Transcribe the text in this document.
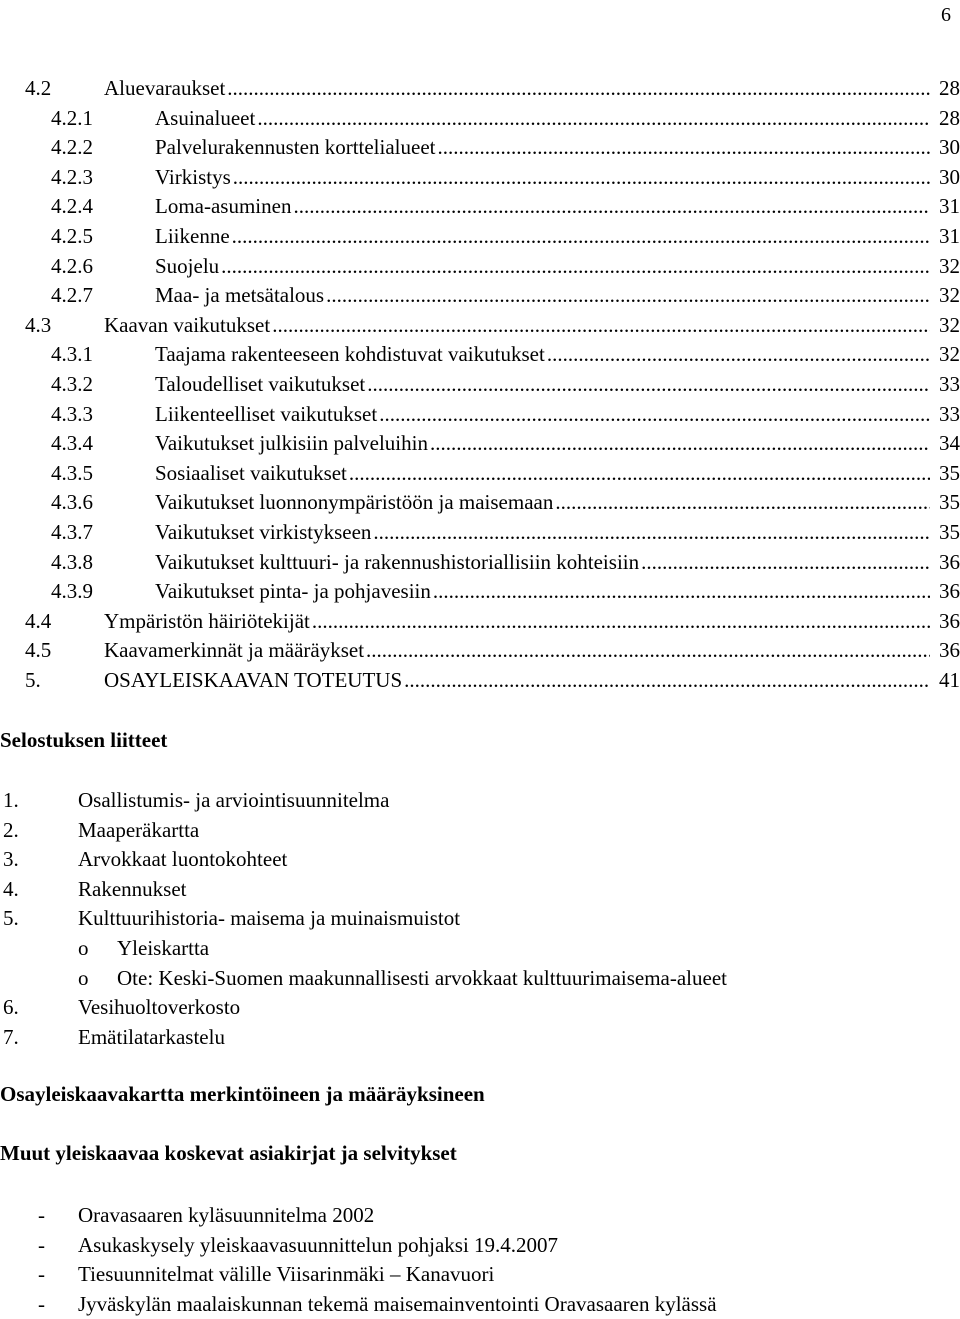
6
4.2	Aluevaraukset .....	28
4.2.1	Asuinalueet .....	28
4.2.2	Palvelurakennusten korttelialueet .....	30
4.2.3	Virkistys .....	30
4.2.4	Loma-asuminen .....	31
4.2.5	Liikenne .....	31
4.2.6	Suojelu .....	32
4.2.7	Maa- ja metsätalous .....	32
4.3	Kaavan vaikutukset .....	32
4.3.1	Taajama rakenteeseen kohdistuvat vaikutukset .....	32
4.3.2	Taloudelliset vaikutukset .....	33
4.3.3	Liikenteelliset vaikutukset .....	33
4.3.4	Vaikutukset julkisiin palveluihin .....	34
4.3.5	Sosiaaliset vaikutukset .....	35
4.3.6	Vaikutukset luonnonympäristöön ja maisemaan .....	35
4.3.7	Vaikutukset virkistykseen .....	35
4.3.8	Vaikutukset kulttuuri- ja rakennushistoriallisiin kohteisiin .....	36
4.3.9	Vaikutukset pinta- ja pohjavesiin .....	36
4.4	Ympäristön häiriötekijät .....	36
4.5	Kaavamerkinnät ja määräykset .....	36
5.	OSAYLEISKAAVAN TOTEUTUS .....	41
Selostuksen liitteet
1.	Osallistumis- ja arviointisuunnitelma
2.	Maaperäkartta
3.	Arvokkaat luontokohteet
4.	Rakennukset
5.	Kulttuurihistoria- maisema ja muinaismuistot
o Yleiskartta
o Ote: Keski-Suomen maakunnallisesti arvokkaat kulttuurimaisema-alueet
6.	Vesihuoltoverkosto
7.	Emätilatarkastelu
Osayleiskaavakartta merkintöineen ja määräyksineen
Muut yleiskaavaa koskevat asiakirjat ja selvitykset
- Oravasaaren kyläsuunnitelma 2002
- Asukaskysely yleiskaavasuunnittelun pohjaksi 19.4.2007
- Tiesuunnitelmat välille Viisarinmäki – Kanavuori
- Jyväskylän maalaiskunnan tekemä maisemainventointi Oravasaaren kylässä
